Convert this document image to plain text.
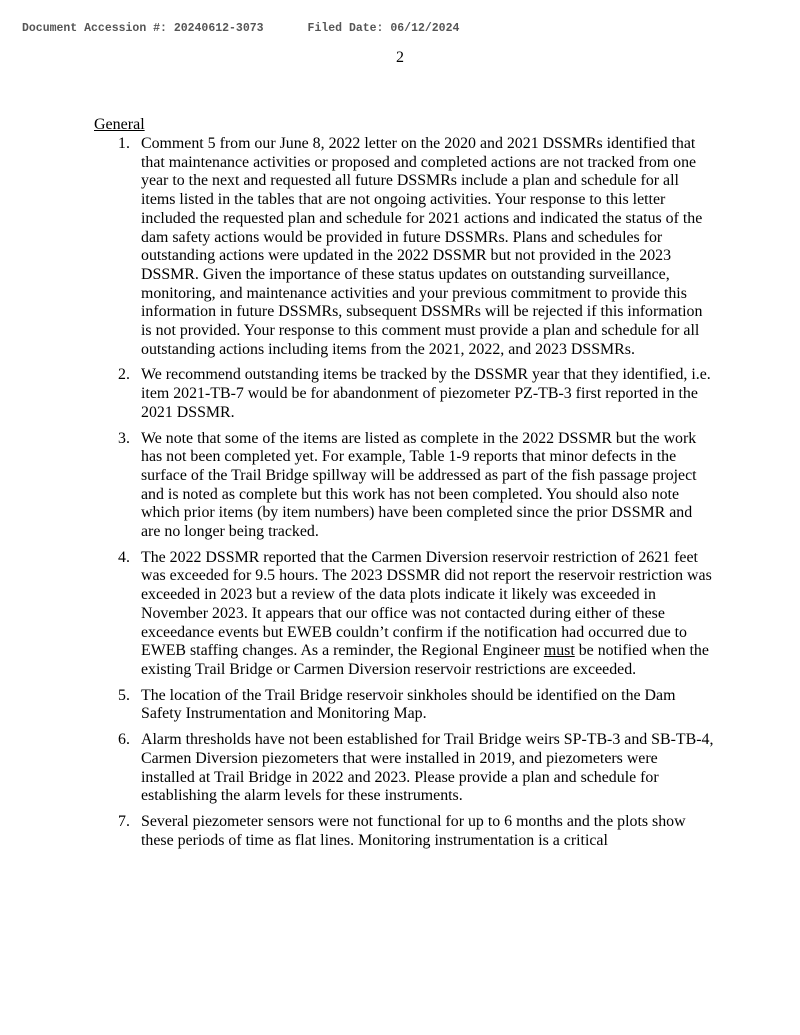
Document Accession #: 20240612-3073	Filed Date: 06/12/2024
2
General
1. Comment 5 from our June 8, 2022 letter on the 2020 and 2021 DSSMRs identified that that maintenance activities or proposed and completed actions are not tracked from one year to the next and requested all future DSSMRs include a plan and schedule for all items listed in the tables that are not ongoing activities. Your response to this letter included the requested plan and schedule for 2021 actions and indicated the status of the dam safety actions would be provided in future DSSMRs. Plans and schedules for outstanding actions were updated in the 2022 DSSMR but not provided in the 2023 DSSMR. Given the importance of these status updates on outstanding surveillance, monitoring, and maintenance activities and your previous commitment to provide this information in future DSSMRs, subsequent DSSMRs will be rejected if this information is not provided. Your response to this comment must provide a plan and schedule for all outstanding actions including items from the 2021, 2022, and 2023 DSSMRs.
2. We recommend outstanding items be tracked by the DSSMR year that they identified, i.e. item 2021-TB-7 would be for abandonment of piezometer PZ-TB-3 first reported in the 2021 DSSMR.
3. We note that some of the items are listed as complete in the 2022 DSSMR but the work has not been completed yet. For example, Table 1-9 reports that minor defects in the surface of the Trail Bridge spillway will be addressed as part of the fish passage project and is noted as complete but this work has not been completed. You should also note which prior items (by item numbers) have been completed since the prior DSSMR and are no longer being tracked.
4. The 2022 DSSMR reported that the Carmen Diversion reservoir restriction of 2621 feet was exceeded for 9.5 hours. The 2023 DSSMR did not report the reservoir restriction was exceeded in 2023 but a review of the data plots indicate it likely was exceeded in November 2023. It appears that our office was not contacted during either of these exceedance events but EWEB couldn’t confirm if the notification had occurred due to EWEB staffing changes. As a reminder, the Regional Engineer must be notified when the existing Trail Bridge or Carmen Diversion reservoir restrictions are exceeded.
5. The location of the Trail Bridge reservoir sinkholes should be identified on the Dam Safety Instrumentation and Monitoring Map.
6. Alarm thresholds have not been established for Trail Bridge weirs SP-TB-3 and SB-TB-4, Carmen Diversion piezometers that were installed in 2019, and piezometers were installed at Trail Bridge in 2022 and 2023. Please provide a plan and schedule for establishing the alarm levels for these instruments.
7. Several piezometer sensors were not functional for up to 6 months and the plots show these periods of time as flat lines. Monitoring instrumentation is a critical
